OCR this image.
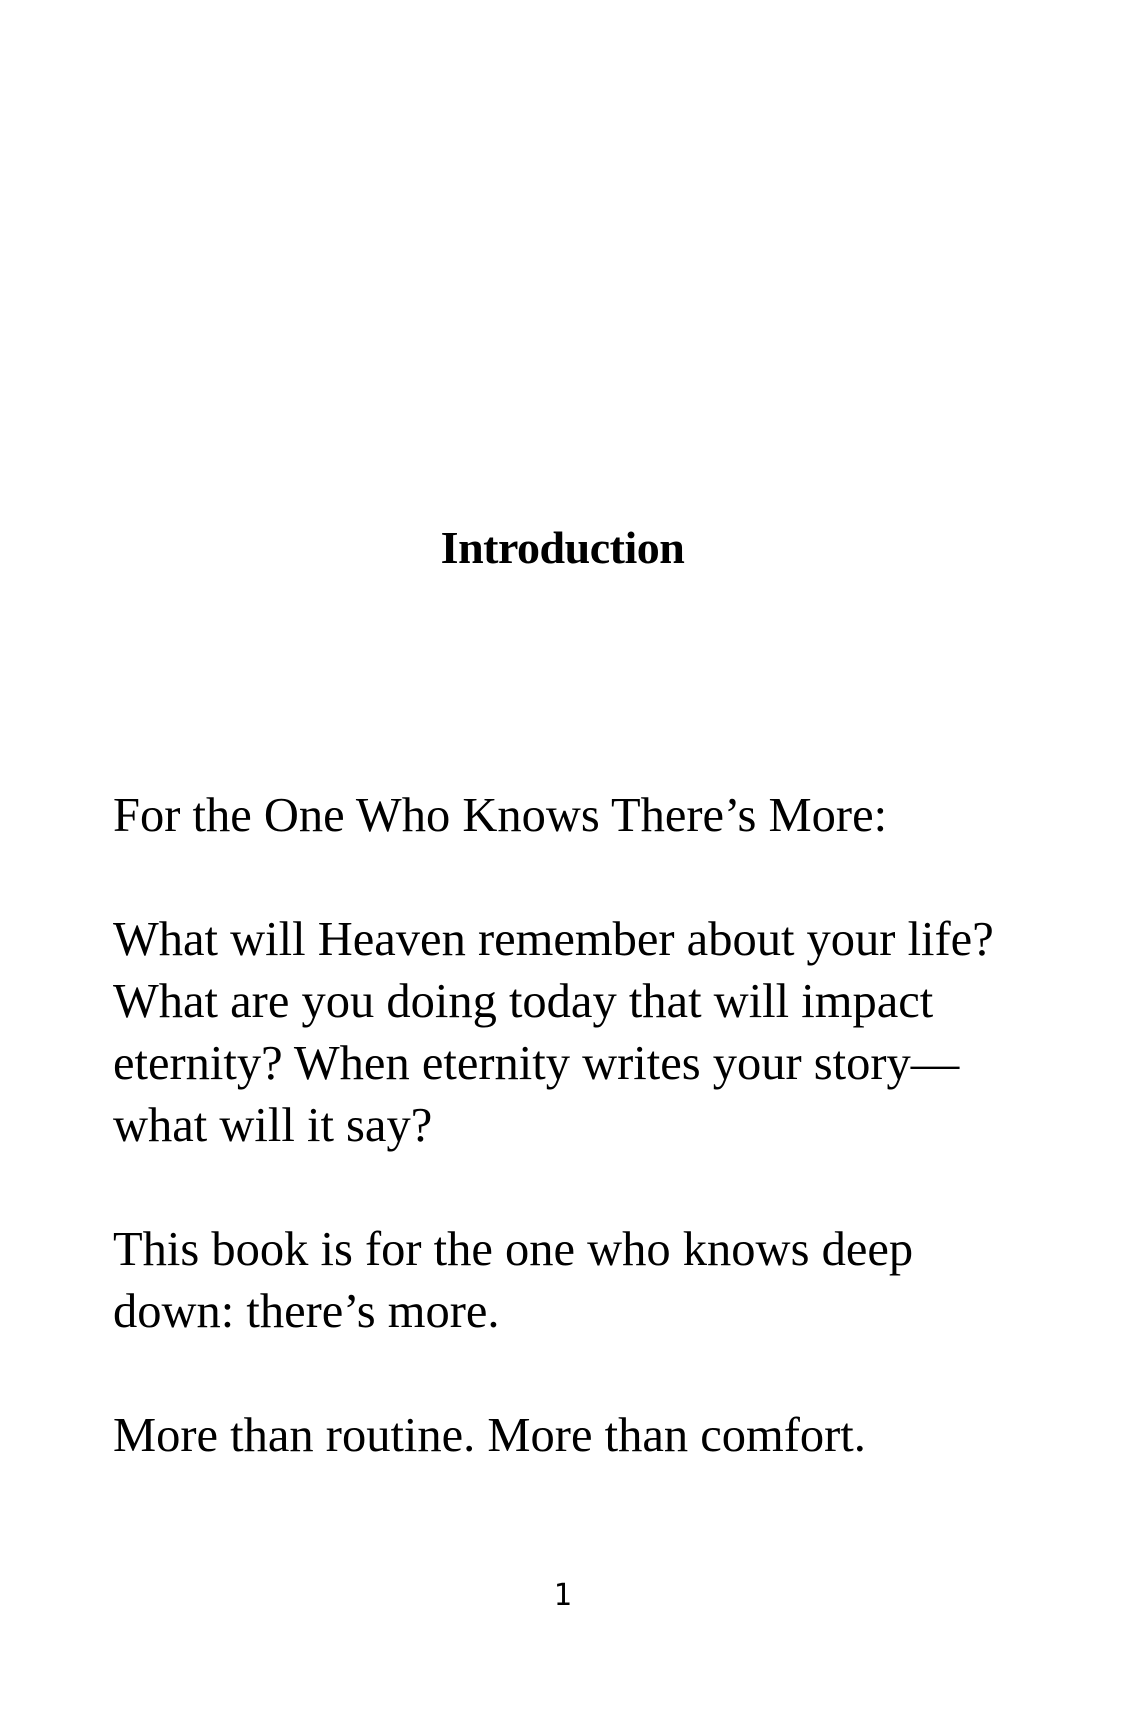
Introduction

For the One Who Knows There’s More:

What will Heaven remember about your life? What are you doing today that will impact eternity? When eternity writes your story—what will it say?

This book is for the one who knows deep down: there’s more.

More than routine. More than comfort.

1
